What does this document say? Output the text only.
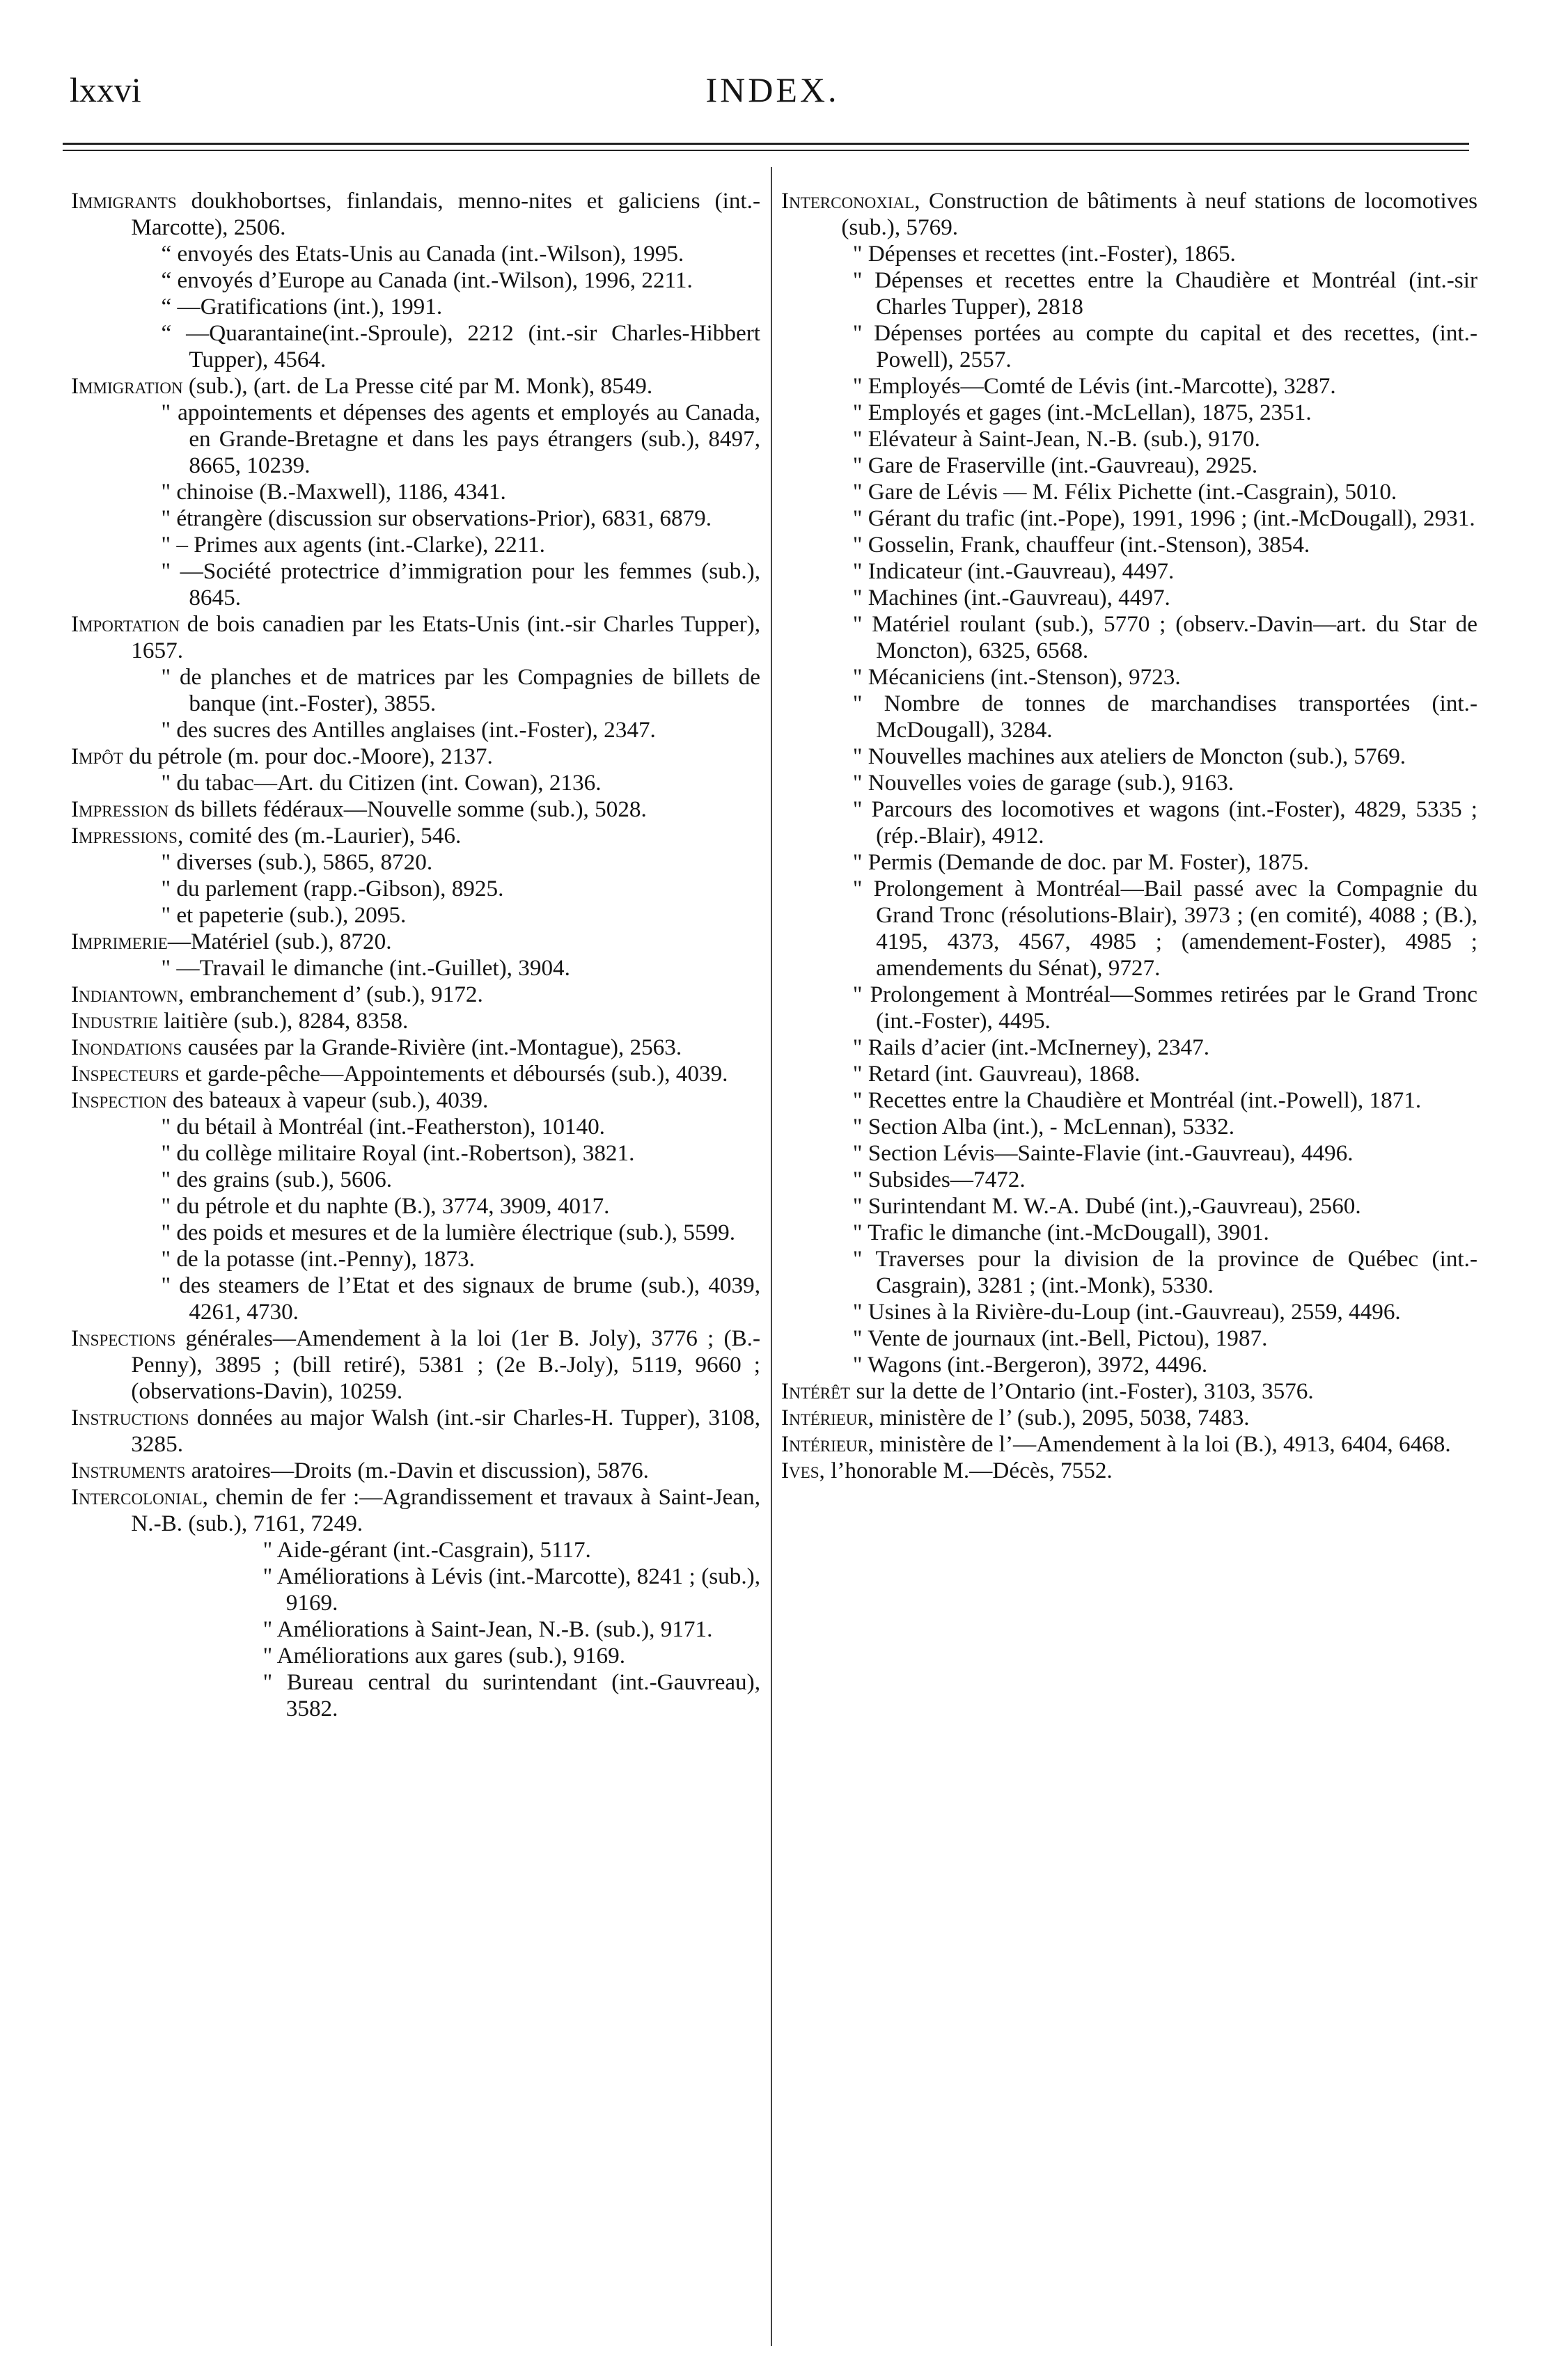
lxxvi	INDEX.

Immigrants doukhobortses, finlandais, menno-nites et galiciens (int.-Marcotte), 2506.

“ envoyés des Etats-Unis au Canada (int.-Wilson), 1995.

“ envoyés d’Europe au Canada (int.-Wilson), 1996, 2211.

“ —Gratifications (int.), 1991.

“ —Quarantaine(int.-Sproule), 2212 (int.-sir Charles-Hibbert Tupper), 4564.

Immigration (sub.), (art. de La Presse cité par M. Monk), 8549.

" appointements et dépenses des agents et employés au Canada, en Grande-Bretagne et dans les pays étrangers (sub.), 8497, 8665, 10239.

" chinoise (B.-Maxwell), 1186, 4341.

" étrangère (discussion sur observations-Prior), 6831, 6879.

" – Primes aux agents (int.-Clarke), 2211.

" —Société protectrice d’immigration pour les femmes (sub.), 8645.

Importation de bois canadien par les Etats-Unis (int.-sir Charles Tupper), 1657.

" de planches et de matrices par les Compagnies de billets de banque (int.-Foster), 3855.

" des sucres des Antilles anglaises (int.-Foster), 2347.

Impôt du pétrole (m. pour doc.-Moore), 2137.

" du tabac—Art. du Citizen (int. Cowan), 2136.

Impression ds billets fédéraux—Nouvelle somme (sub.), 5028.

Impressions, comité des (m.-Laurier), 546.

" diverses (sub.), 5865, 8720.

" du parlement (rapp.-Gibson), 8925.

" et papeterie (sub.), 2095.

Imprimerie—Matériel (sub.), 8720.

" —Travail le dimanche (int.-Guillet), 3904.

Indiantown, embranchement d’ (sub.), 9172.

Industrie laitière (sub.), 8284, 8358.

Inondations causées par la Grande-Rivière (int.-Montague), 2563.

Inspecteurs et garde-pêche—Appointements et déboursés (sub.), 4039.

Inspection des bateaux à vapeur (sub.), 4039.

" du bétail à Montréal (int.-Featherston), 10140.

" du collège militaire Royal (int.-Robertson), 3821.

" des grains (sub.), 5606.

" du pétrole et du naphte (B.), 3774, 3909, 4017.

" des poids et mesures et de la lumière électrique (sub.), 5599.

" de la potasse (int.-Penny), 1873.

" des steamers de l’Etat et des signaux de brume (sub.), 4039, 4261, 4730.

Inspections générales—Amendement à la loi (1er B. Joly), 3776 ; (B.-Penny), 3895 ; (bill retiré), 5381 ; (2e B.-Joly), 5119, 9660 ; (observations-Davin), 10259.

Instructions données au major Walsh (int.-sir Charles-H. Tupper), 3108, 3285.

Instruments aratoires—Droits (m.-Davin et discussion), 5876.

Intercolonial, chemin de fer :—Agrandissement et travaux à Saint-Jean, N.-B. (sub.), 7161, 7249.

" Aide-gérant (int.-Casgrain), 5117.

" Améliorations à Lévis (int.-Marcotte), 8241 ; (sub.), 9169.

" Améliorations à Saint-Jean, N.-B. (sub.), 9171.

" Améliorations aux gares (sub.), 9169.

" Bureau central du surintendant (int.-Gauvreau), 3582.

Interconoxial, Construction de bâtiments à neuf stations de locomotives (sub.), 5769.

" Dépenses et recettes (int.-Foster), 1865.

" Dépenses et recettes entre la Chaudière et Montréal (int.-sir Charles Tupper), 2818

" Dépenses portées au compte du capital et des recettes, (int.-Powell), 2557.

" Employés—Comté de Lévis (int.-Marcotte), 3287.

" Employés et gages (int.-McLellan), 1875, 2351.

" Elévateur à Saint-Jean, N.-B. (sub.), 9170.

" Gare de Fraserville (int.-Gauvreau), 2925.

" Gare de Lévis — M. Félix Pichette (int.-Casgrain), 5010.

" Gérant du trafic (int.-Pope), 1991, 1996 ; (int.-McDougall), 2931.

" Gosselin, Frank, chauffeur (int.-Stenson), 3854.

" Indicateur (int.-Gauvreau), 4497.

" Machines (int.-Gauvreau), 4497.

" Matériel roulant (sub.), 5770 ; (observ.-Davin—art. du Star de Moncton), 6325, 6568.

" Mécaniciens (int.-Stenson), 9723.

" Nombre de tonnes de marchandises transportées (int.-McDougall), 3284.

" Nouvelles machines aux ateliers de Moncton (sub.), 5769.

" Nouvelles voies de garage (sub.), 9163.

" Parcours des locomotives et wagons (int.-Foster), 4829, 5335 ; (rép.-Blair), 4912.

" Permis (Demande de doc. par M. Foster), 1875.

" Prolongement à Montréal—Bail passé avec la Compagnie du Grand Tronc (résolutions-Blair), 3973 ; (en comité), 4088 ; (B.), 4195, 4373, 4567, 4985 ; (amendement-Foster), 4985 ; amendements du Sénat), 9727.

" Prolongement à Montréal—Sommes retirées par le Grand Tronc (int.-Foster), 4495.

" Rails d’acier (int.-McInerney), 2347.

" Retard (int. Gauvreau), 1868.

" Recettes entre la Chaudière et Montréal (int.-Powell), 1871.

" Section Alba (int.), - McLennan), 5332.

" Section Lévis—Sainte-Flavie (int.-Gauvreau), 4496.

" Subsides—7472.

" Surintendant M. W.-A. Dubé (int.),-Gauvreau), 2560.

" Trafic le dimanche (int.-McDougall), 3901.

" Traverses pour la division de la province de Québec (int.-Casgrain), 3281 ; (int.-Monk), 5330.

" Usines à la Rivière-du-Loup (int.-Gauvreau), 2559, 4496.

" Vente de journaux (int.-Bell, Pictou), 1987.

" Wagons (int.-Bergeron), 3972, 4496.

Intérêt sur la dette de l’Ontario (int.-Foster), 3103, 3576.

Intérieur, ministère de l’ (sub.), 2095, 5038, 7483.

Intérieur, ministère de l’—Amendement à la loi (B.), 4913, 6404, 6468.

Ives, l’honorable M.—Décès, 7552.
